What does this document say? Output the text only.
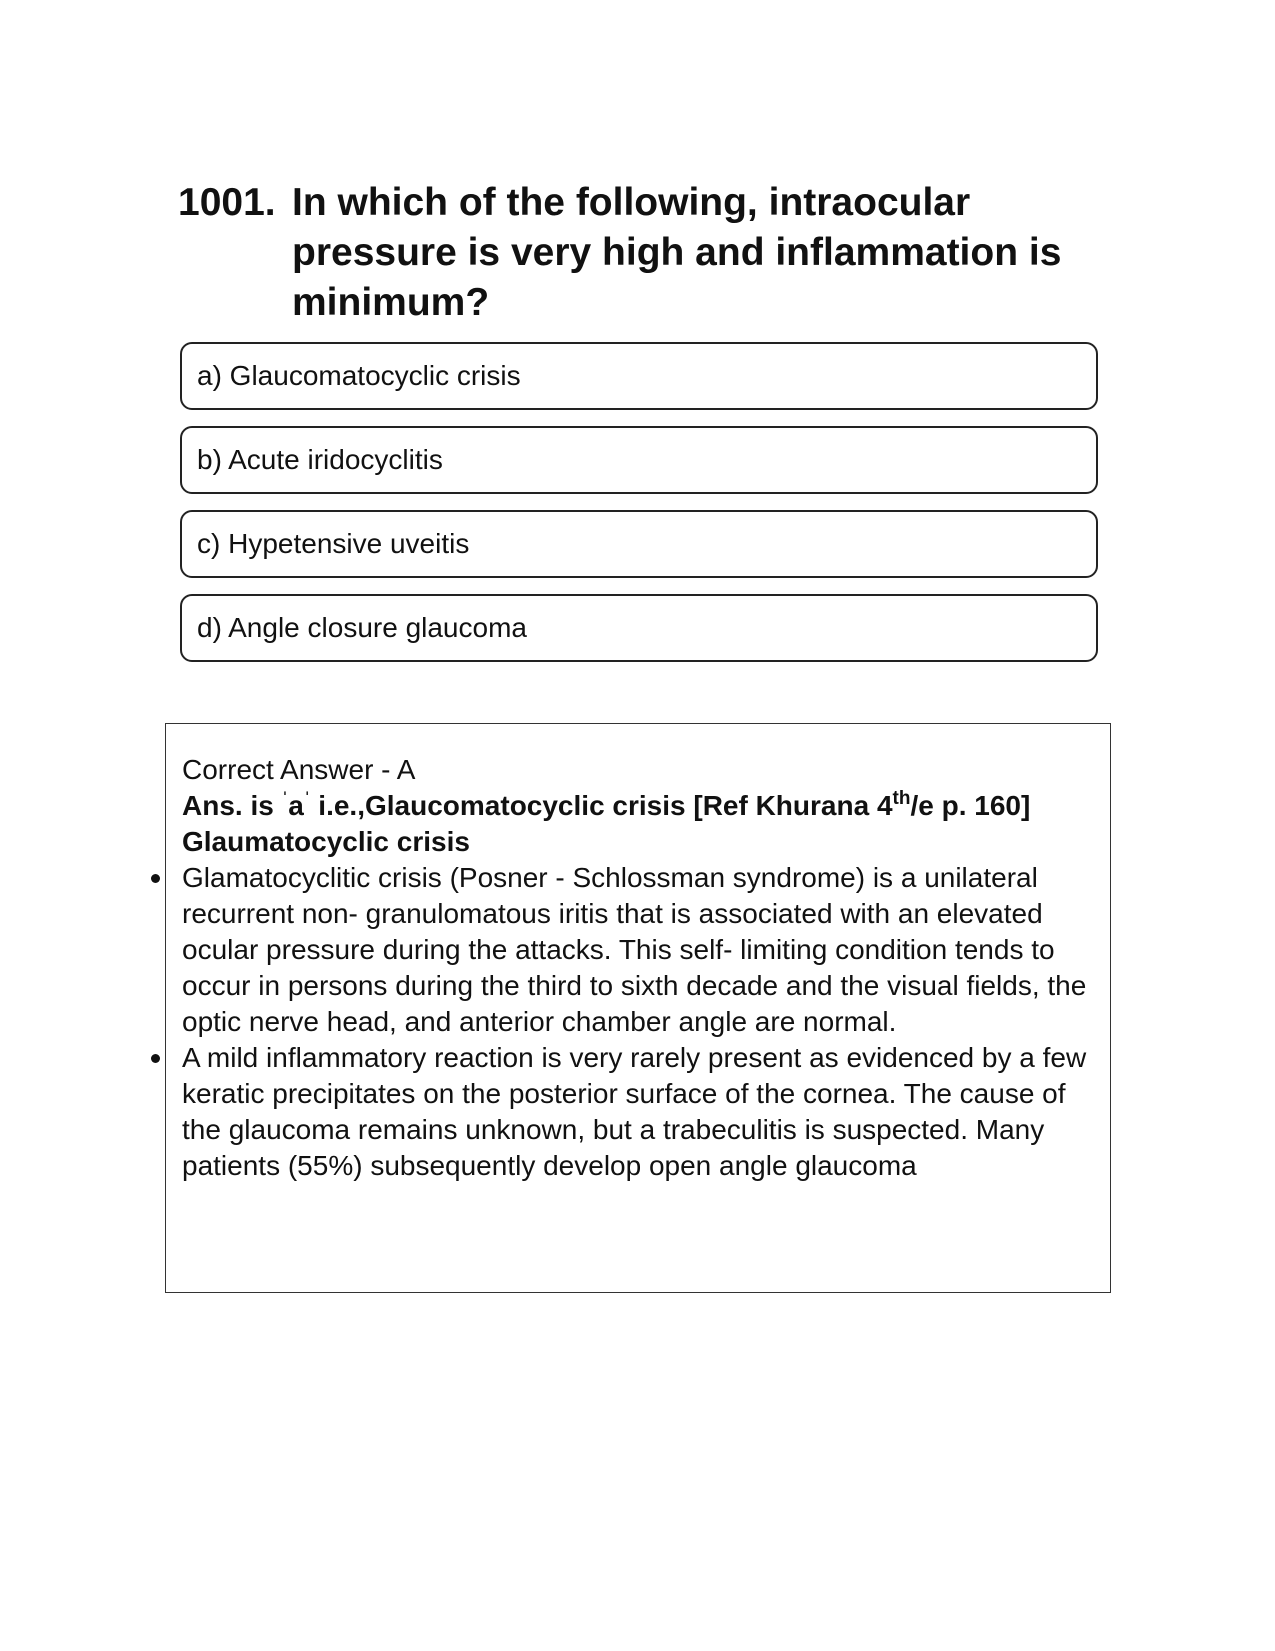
1001. In which of the following, intraocular pressure is very high and inflammation is minimum?
a) Glaucomatocyclic crisis
b) Acute iridocyclitis
c) Hypetensive uveitis
d) Angle closure glaucoma
Correct Answer - A
Ans. is $^ˈa^ˈ$ i.e.,Glaucomatocyclic crisis [Ref Khurana 4th/e p. 160]
Glaumatocyclic crisis
Glamatocyclitic crisis (Posner - Schlossman syndrome) is a unilateral recurrent non- granulomatous iritis that is associated with an elevated ocular pressure during the attacks. This self- limiting condition tends to occur in persons during the third to sixth decade and the visual fields, the optic nerve head, and anterior chamber angle are normal.
A mild inflammatory reaction is very rarely present as evidenced by a few keratic precipitates on the posterior surface of the cornea. The cause of the glaucoma remains unknown, but a trabeculitis is suspected. Many patients (55%) subsequently develop open angle glaucoma
